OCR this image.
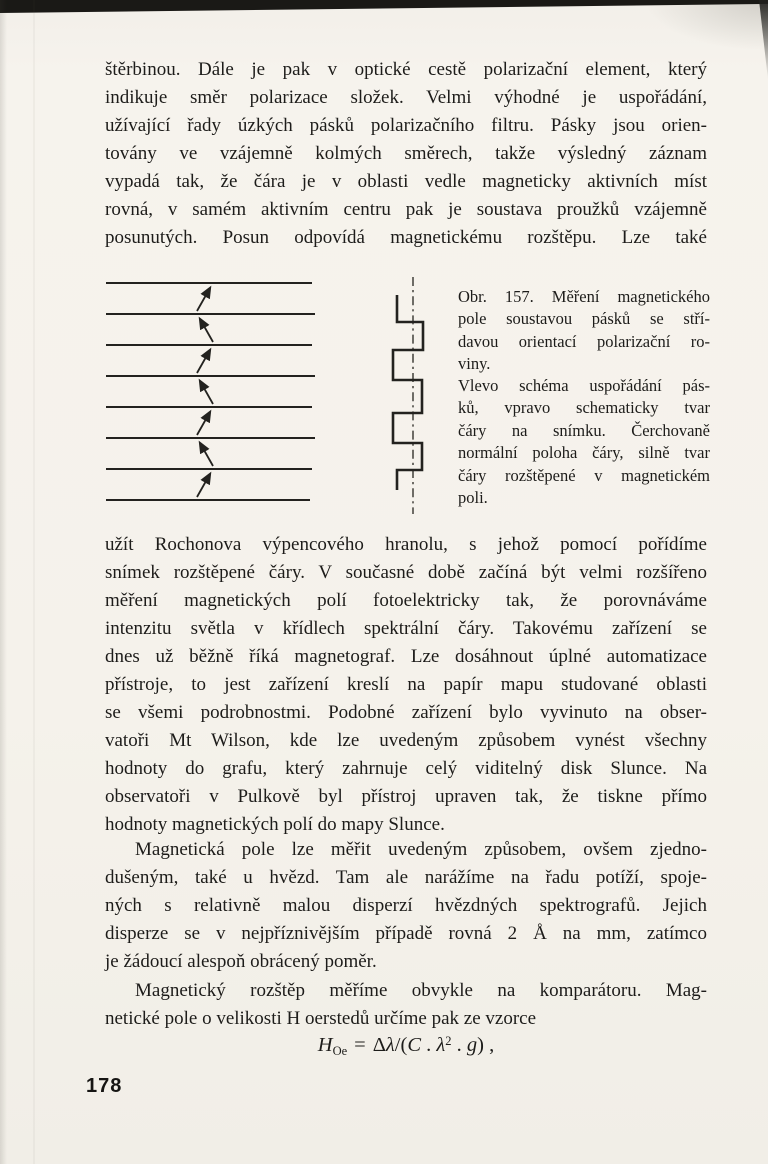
štěrbinou. Dále je pak v optické cestě polarizační element, který
indikuje směr polarizace složek. Velmi výhodné je uspořádání,
užívající řady úzkých pásků polarizačního filtru. Pásky jsou orien-
továny ve vzájemně kolmých směrech, takže výsledný záznam
vypadá tak, že čára je v oblasti vedle magneticky aktivních míst
rovná, v samém aktivním centru pak je soustava proužků vzájemně
posunutých. Posun odpovídá magnetickému rozštěpu. Lze také
Obr. 157. Měření magnetického
pole soustavou pásků se stří-
davou orientací polarizační ro-
viny.
Vlevo schéma uspořádání pás-
ků, vpravo schematicky tvar
čáry na snímku. Čerchovaně
normální poloha čáry, silně tvar
čáry rozštěpené v magnetickém
poli.
užít Rochonova výpencového hranolu, s jehož pomocí pořídíme
snímek rozštěpené čáry. V současné době začíná být velmi rozšířeno
měření magnetických polí fotoelektricky tak, že porovnáváme
intenzitu světla v křídlech spektrální čáry. Takovému zařízení se
dnes už běžně říká magnetograf. Lze dosáhnout úplné automatizace
přístroje, to jest zařízení kreslí na papír mapu studované oblasti
se všemi podrobnostmi. Podobné zařízení bylo vyvinuto na obser-
vatoři Mt Wilson, kde lze uvedeným způsobem vynést všechny
hodnoty do grafu, který zahrnuje celý viditelný disk Slunce. Na
observatoři v Pulkově byl přístroj upraven tak, že tiskne přímo
hodnoty magnetických polí do mapy Slunce.
Magnetická pole lze měřit uvedeným způsobem, ovšem zjedno-
dušeným, také u hvězd. Tam ale narážíme na řadu potíží, spoje-
ných s relativně malou disperzí hvězdných spektrografů. Jejich
disperze se v nejpříznivějším případě rovná 2 Å na mm, zatímco
je žádoucí alespoň obrácený poměr.
Magnetický rozštěp měříme obvykle na komparátoru. Mag-
netické pole o velikosti H oerstedů určíme pak ze vzorce
$H_{Oe} = \Delta\lambda/(C$ . $\lambda^2$ . g) ,
178
